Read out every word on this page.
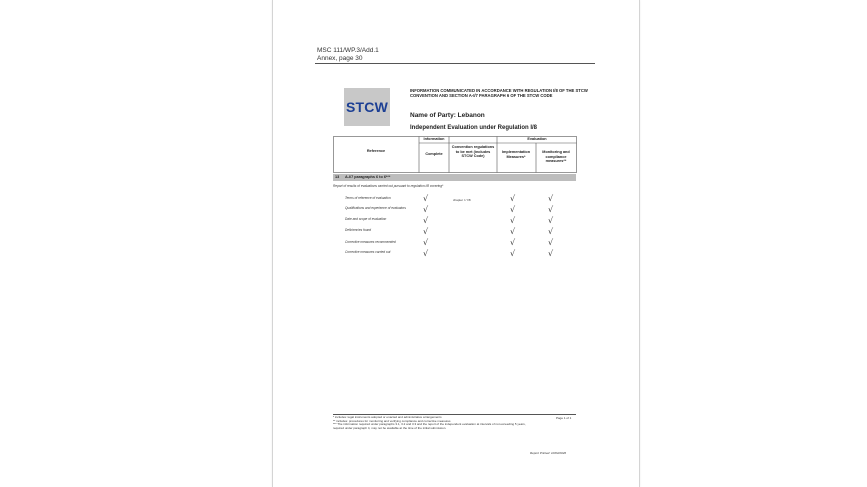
MSC 111/WP.3/Add.1
Annex, page 30
STCW
INFORMATION COMMUNICATED IN ACCORDANCE WITH REGULATION I/8 OF THE STCW CONVENTION AND SECTION A-I/7 PARAGRAPH 6 OF THE STCW CODE
Name of Party: Lebanon
Independent Evaluation under Regulation I/8
Information	Evaluation
Reference
Complete
Convention regulations to be met (includes STCW Code)
Implementation Measures*
Monitoring and compliance measures**
13 A-I/7 paragraphs 6 to 6***
Report of results of evaluations carried out pursuant to regulation I/8 covering*
chapter I / I/8
Terms of reference of evaluation
Qualifications and experience of evaluators
Date and scope of evaluation
Deficiencies found
Corrective measures recommended
Corrective measures carried out
√
√
√
√
√
√
√
√
√
√
√
√
√
√
√
√
√
√
* includes: legal instruments adopted or enacted and administrative arrangements
** includes: procedures for monitoring and verifying compliance and corrective measures
*** The information required under paragraphs 3.1, 3.2 and 3.3 and the report of the independent evaluation at intervals of not exceeding 5 years, required under paragraph 4, may not be available at the time of the initial submission.
Page 1 of 1
Report Printed: 10/04/2026
